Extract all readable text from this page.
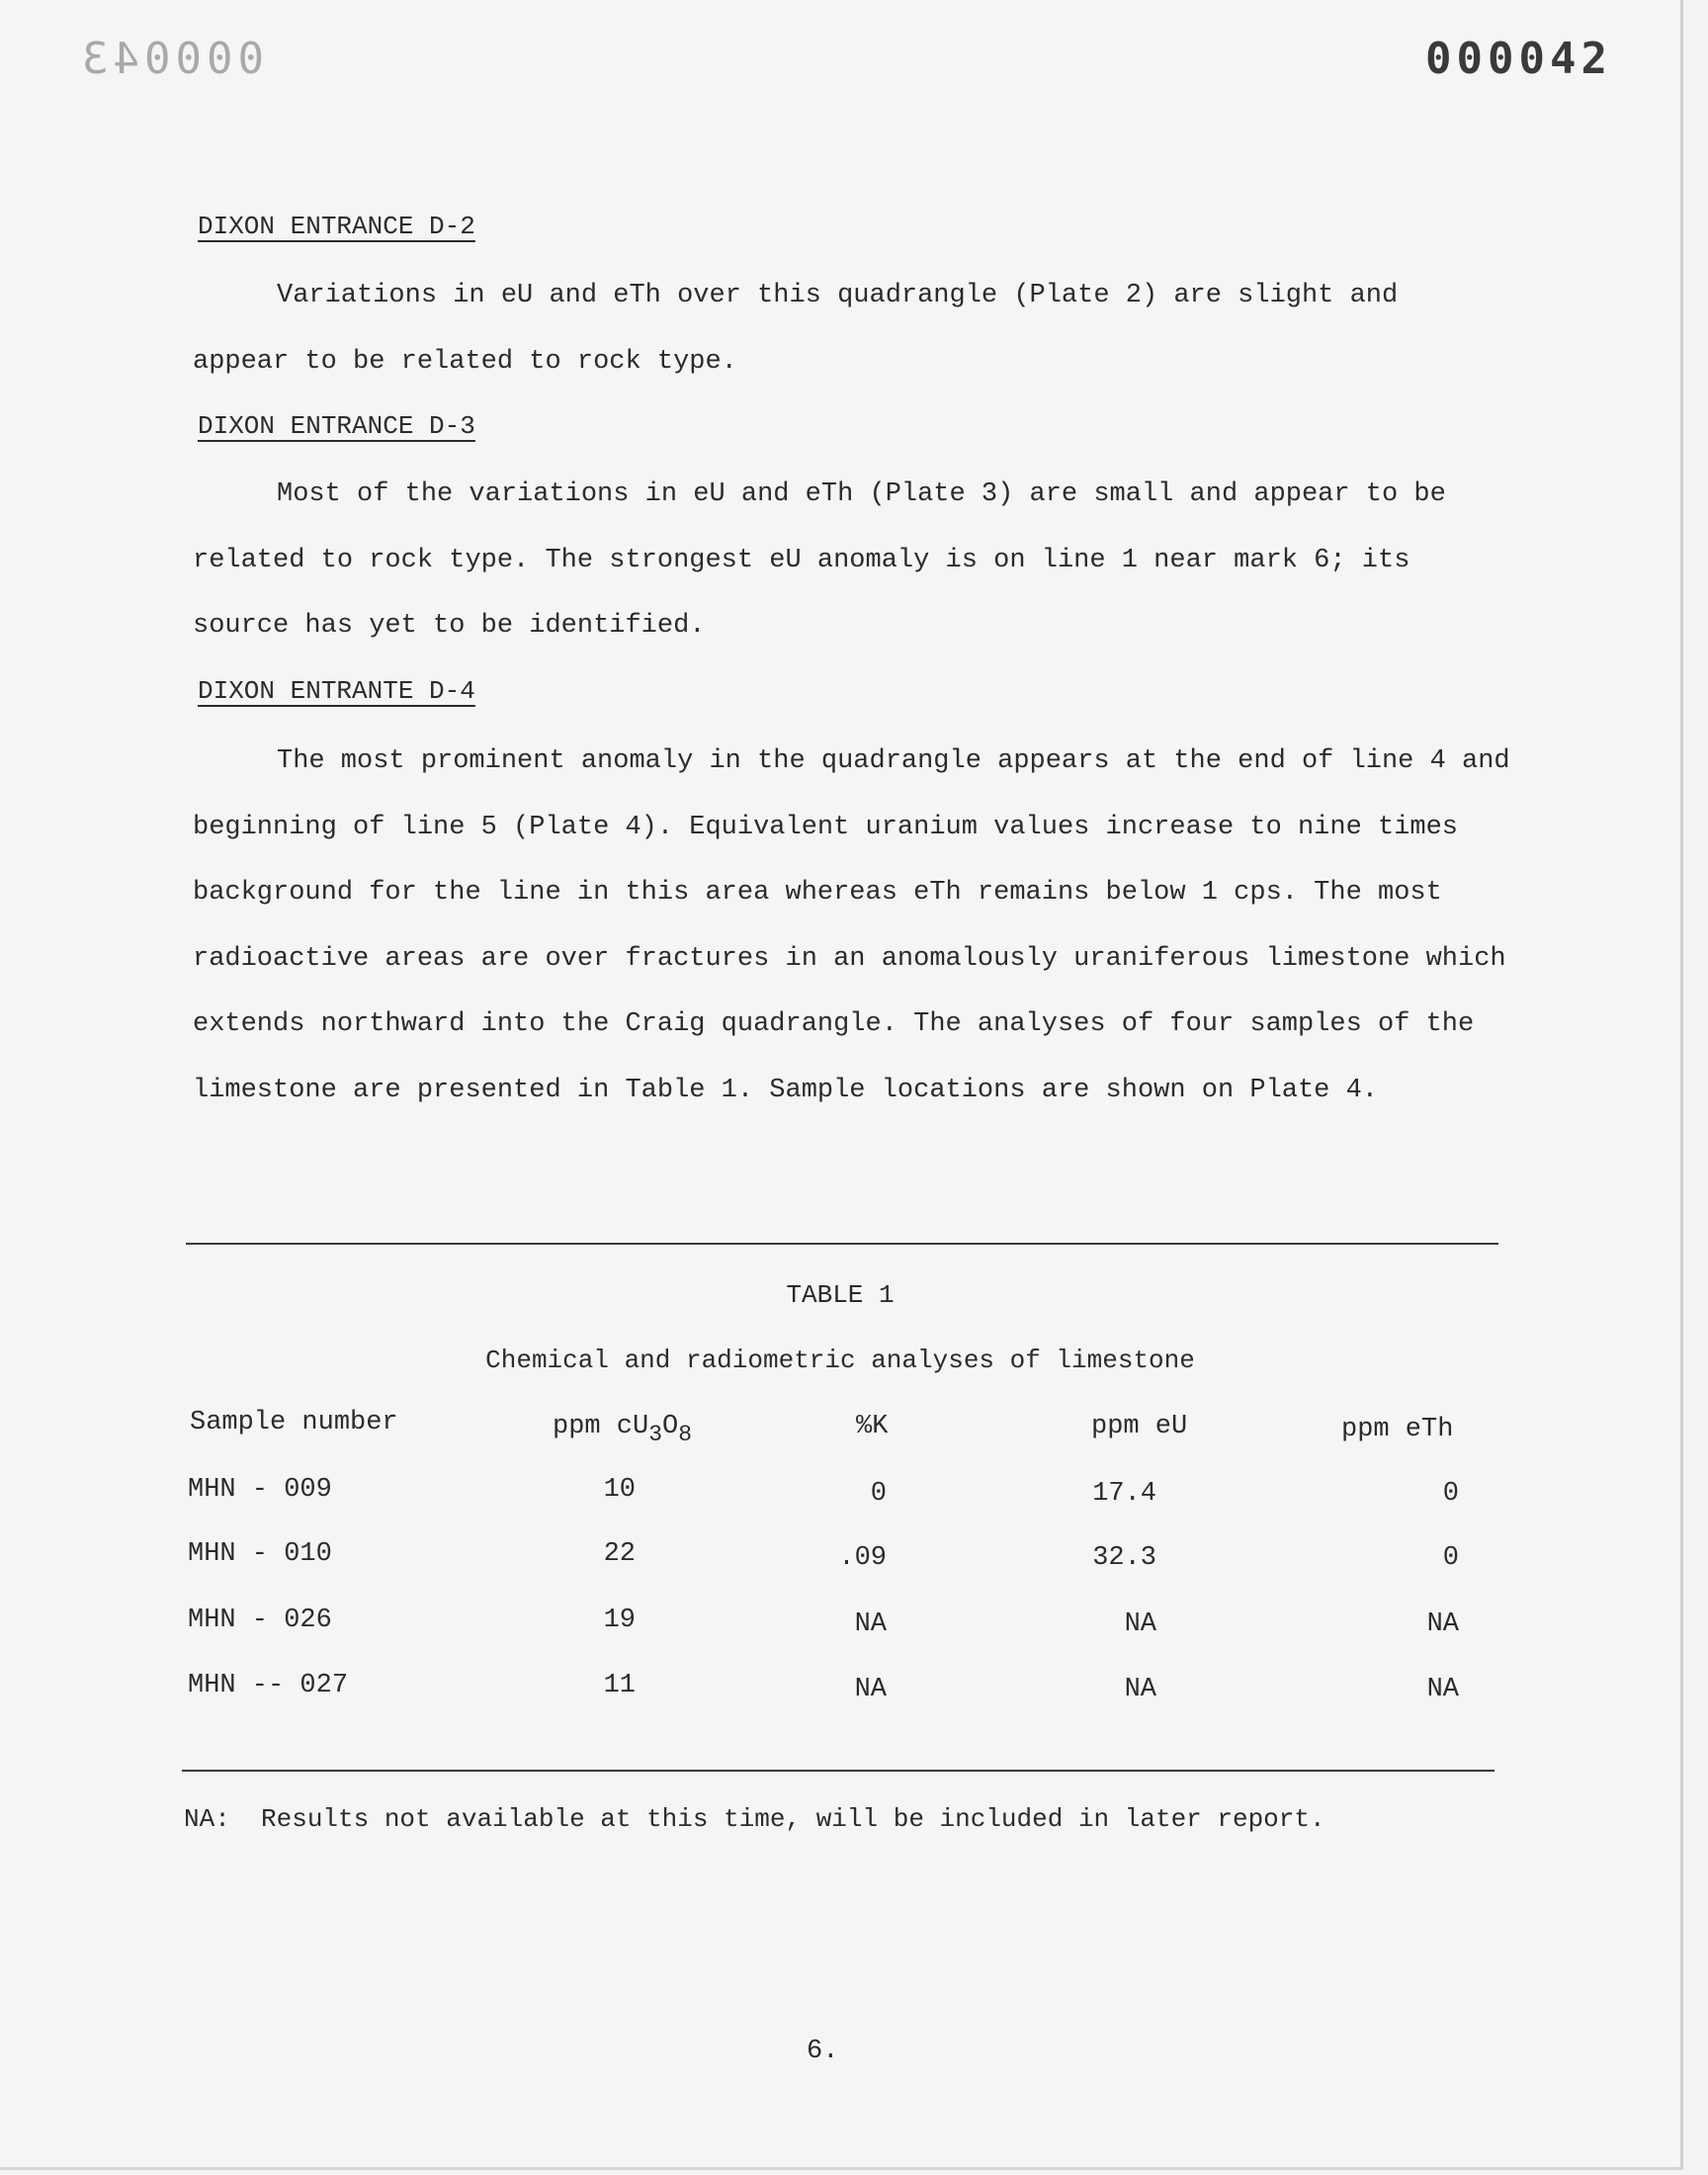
000043	000042
DIXON ENTRANCE D-2

Variations in eU and eTh over this quadrangle (Plate 2) are slight and appear to be related to rock type.

DIXON ENTRANCE D-3

Most of the variations in eU and eTh (Plate 3) are small and appear to be related to rock type. The strongest eU anomaly is on line 1 near mark 6; its source has yet to be identified.

DIXON ENTRANTE D-4

The most prominent anomaly in the quadrangle appears at the end of line 4 and beginning of line 5 (Plate 4). Equivalent uranium values increase to nine times background for the line in this area whereas eTh remains below 1 cps. The most radioactive areas are over fractures in an anomalously uraniferous limestone which extends northward into the Craig quadrangle. The analyses of four samples of the limestone are presented in Table 1. Sample locations are shown on Plate 4.

TABLE 1
Chemical and radiometric analyses of limestone
Sample number	ppm $cU_3O_8$	%K	ppm eU	ppm eTh
MHN - 009	10	0	17.4	0
MHN - 010	22	.09	32.3	0
MHN - 026	19	NA	NA	NA
MHN -- 027	11	NA	NA	NA
NA:  Results not available at this time, will be included in later report.
6.
